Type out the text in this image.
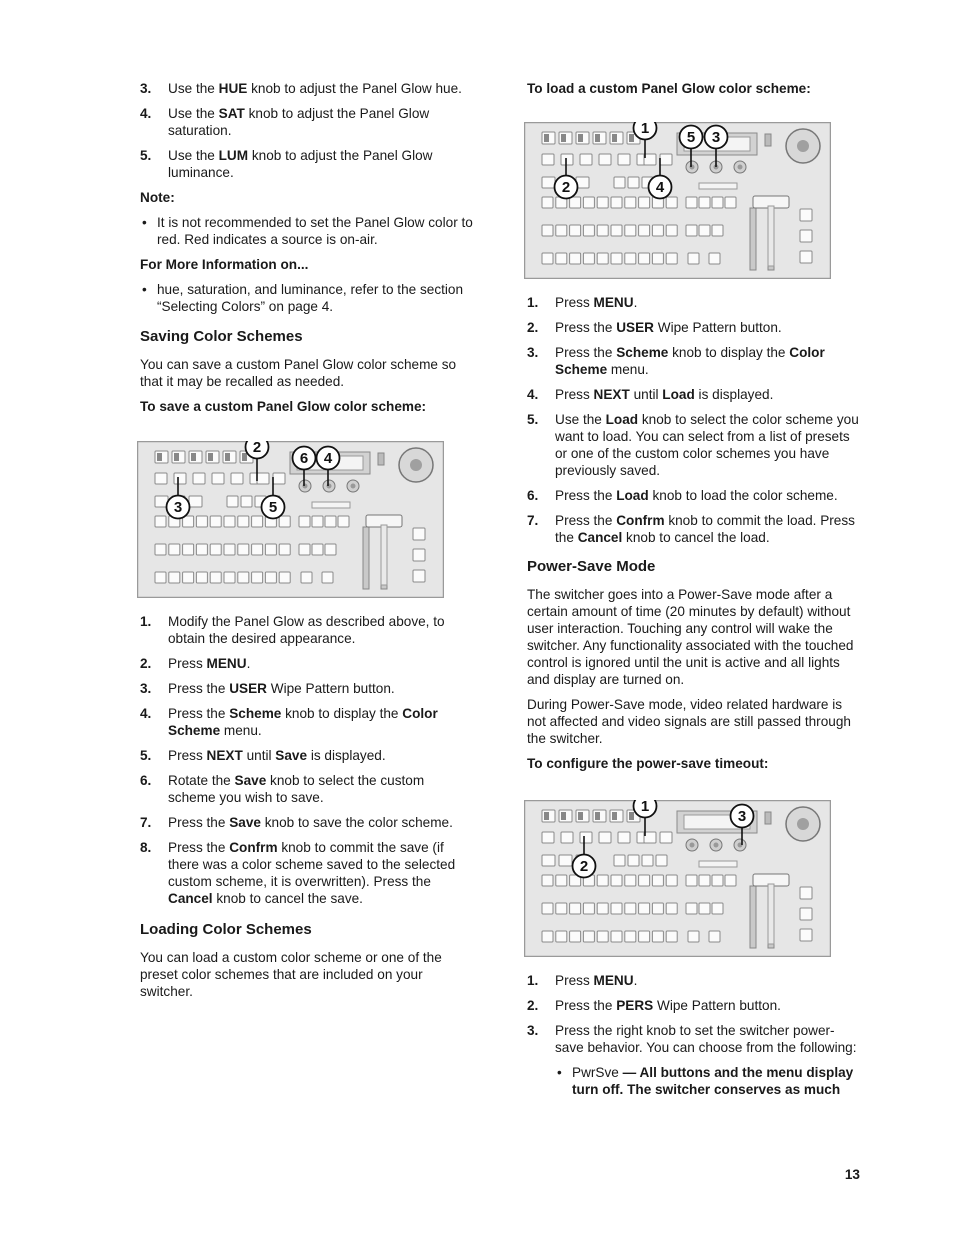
3. Use the HUE knob to adjust the Panel Glow hue.
4. Use the SAT knob to adjust the Panel Glow saturation.
5. Use the LUM knob to adjust the Panel Glow luminance.

Note:

• It is not recommended to set the Panel Glow color to red. Red indicates a source is on-air.

For More Information on...

• hue, saturation, and luminance, refer to the section “Selecting Colors” on page 4.
Saving Color Schemes

You can save a custom Panel Glow color scheme so that it may be recalled as needed.

To save a custom Panel Glow color scheme:

1. Modify the Panel Glow as described above, to obtain the desired appearance.
2. Press MENU.
3. Press the USER Wipe Pattern button.
4. Press the Scheme knob to display the Color Scheme menu.
5. Press NEXT until Save is displayed.
6. Rotate the Save knob to select the custom scheme you wish to save.
7. Press the Save knob to save the color scheme.
8. Press the Confrm knob to commit the save (if there was a color scheme saved to the selected custom scheme, it is overwritten). Press the Cancel knob to cancel the save.
Loading Color Schemes

You can load a custom color scheme or one of the preset color schemes that are included on your switcher.

To load a custom Panel Glow color scheme:

1. Press MENU.
2. Press the USER Wipe Pattern button.
3. Press the Scheme knob to display the Color Scheme menu.
4. Press NEXT until Load is displayed.
5. Use the Load knob to select the color scheme you want to load. You can select from a list of presets or one of the custom color schemes you have previously saved.
6. Press the Load knob to load the color scheme.
7. Press the Confrm knob to commit the load. Press the Cancel knob to cancel the load.
Power-Save Mode

The switcher goes into a Power-Save mode after a certain amount of time (20 minutes by default) without user interaction. Touching any control will wake the switcher. Any functionality associated with the touched control is ignored until the unit is active and all lights and display are turned on.

During Power-Save mode, video related hardware is not affected and video signals are still passed through the switcher.

To configure the power-save timeout:

1. Press MENU.
2. Press the PERS Wipe Pattern button.
3. Press the right knob to set the switcher power-save behavior. You can choose from the following:
• PwrSve — All buttons and the menu display turn off. The switcher conserves as much
2
6 4
3	5
1
5 3
2	4
1
3
2
13
